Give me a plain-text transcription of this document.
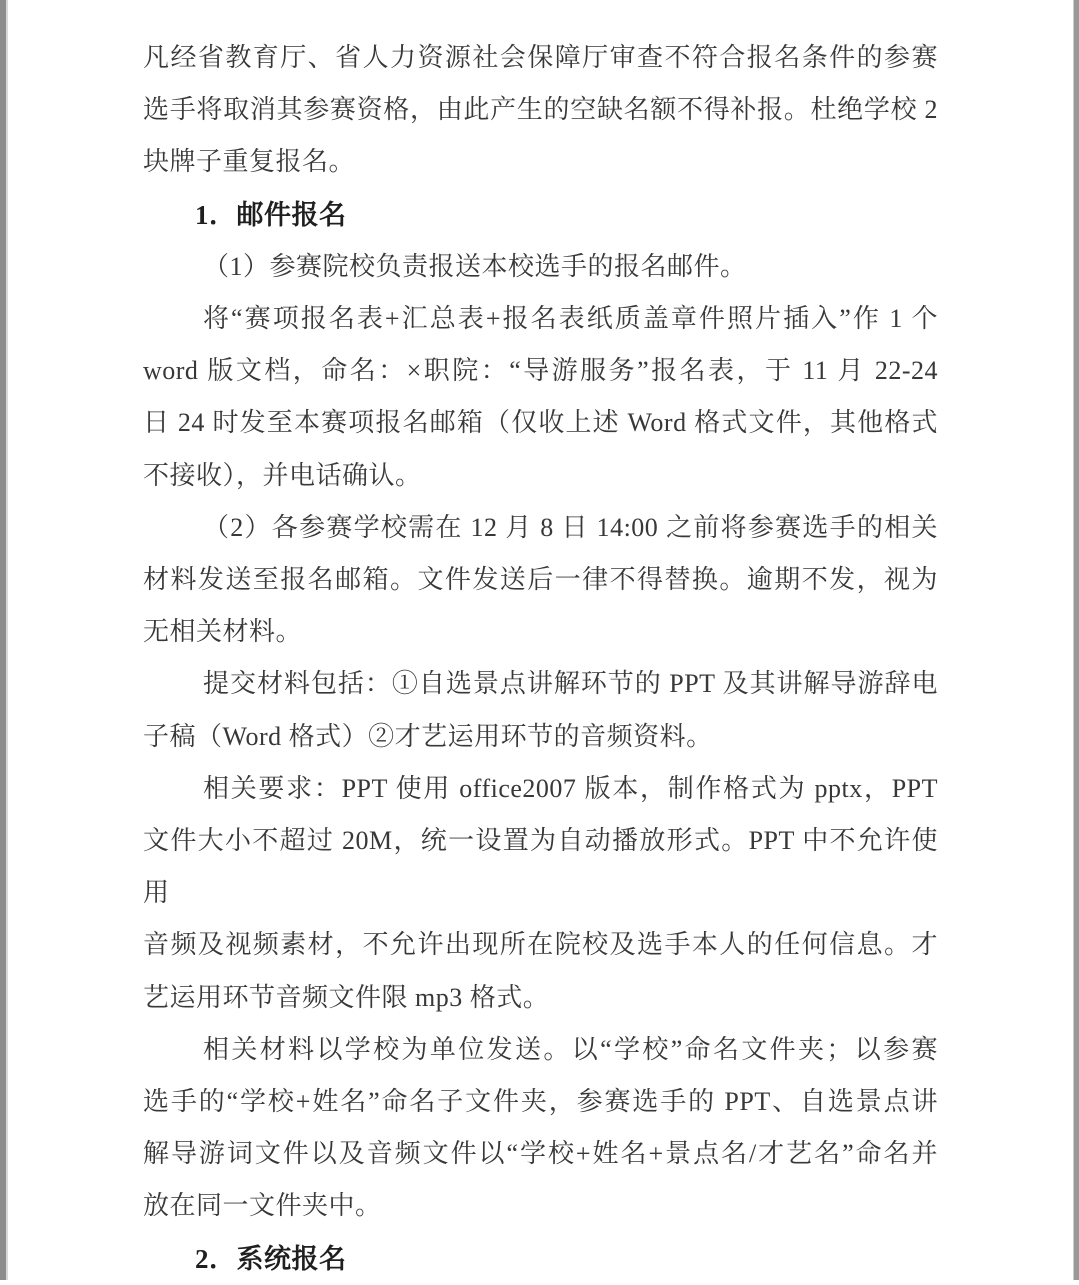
凡经省教育厅、省人力资源社会保障厅审查不符合报名条件的参赛
选手将取消其参赛资格，由此产生的空缺名额不得补报。杜绝学校 2
块牌子重复报名。
1．邮件报名
（1）参赛院校负责报送本校选手的报名邮件。
将“赛项报名表+汇总表+报名表纸质盖章件照片插入”作 1 个
word 版文档，命名：×职院：“导游服务”报名表，于 11 月 22-24
日 24 时发至本赛项报名邮箱（仅收上述 Word 格式文件，其他格式
不接收），并电话确认。
（2）各参赛学校需在 12 月 8 日 14:00 之前将参赛选手的相关
材料发送至报名邮箱。文件发送后一律不得替换。逾期不发，视为
无相关材料。
提交材料包括：①自选景点讲解环节的 PPT 及其讲解导游辞电
子稿（Word 格式）②才艺运用环节的音频资料。
相关要求：PPT 使用 office2007 版本，制作格式为 pptx，PPT
文件大小不超过 20M，统一设置为自动播放形式。PPT 中不允许使用
音频及视频素材，不允许出现所在院校及选手本人的任何信息。才
艺运用环节音频文件限 mp3 格式。
相关材料以学校为单位发送。以“学校”命名文件夹；以参赛
选手的“学校+姓名”命名子文件夹，参赛选手的 PPT、自选景点讲
解导游词文件以及音频文件以“学校+姓名+景点名/才艺名”命名并
放在同一文件夹中。
2．系统报名
